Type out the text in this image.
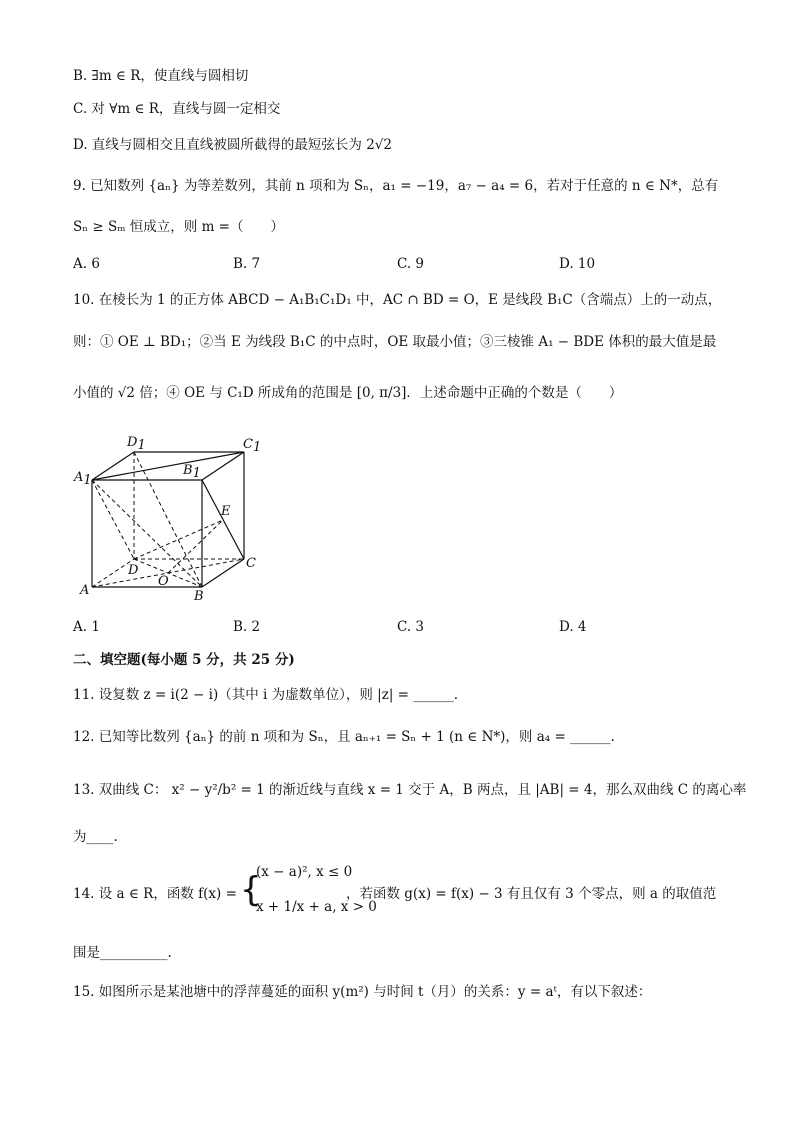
B. ∃m ∈ R，使直线与圆相切
C. 对 ∀m ∈ R，直线与圆一定相交
D. 直线与圆相交且直线被圆所截得的最短弦长为 2√2
9. 已知数列 {aₙ} 为等差数列，其前 n 项和为 Sₙ，a₁ = −19，a₇ − a₄ = 6，若对于任意的 n ∈ N*，总有
Sₙ ≥ Sₘ 恒成立，则 m =（　　）
A. 6	B. 7	C. 9	D. 10
10. 在棱长为 1 的正方体 ABCD − A₁B₁C₁D₁ 中，AC ∩ BD = O，E 是线段 B₁C（含端点）上的一动点，
则：① OE ⊥ BD₁；②当 E 为线段 B₁C 的中点时，OE 取最小值；③三棱锥 A₁ − BDE 体积的最大值是最
小值的 √2 倍；④ OE 与 C₁D 所成角的范围是 [0, π/3]．上述命题中正确的个数是（　　）
D1	C1
B1
A1
E
C
D
O
A	B
A. 1	B. 2	C. 3	D. 4
二、填空题(每小题 5 分，共 25 分)
11. 设复数 z = i(2 − i)（其中 i 为虚数单位），则 |z| = ______.
12. 已知等比数列 {aₙ} 的前 n 项和为 Sₙ，且 aₙ₊₁ = Sₙ + 1 (n ∈ N*)，则 a₄ = ______.
13. 双曲线 C： x² − y²/b² = 1 的渐近线与直线 x = 1 交于 A，B 两点，且 |AB| = 4，那么双曲线 C 的离心率
为____.
14. 设 a ∈ R，函数 f(x) = {
(x − a)², x ≤ 0
x + 1/x + a, x > 0
，若函数 g(x) = f(x) − 3 有且仅有 3 个零点，则 a 的取值范
围是__________.
15. 如图所示是某池塘中的浮萍蔓延的面积 y(m²) 与时间 t（月）的关系：y = aᵗ，有以下叙述：
